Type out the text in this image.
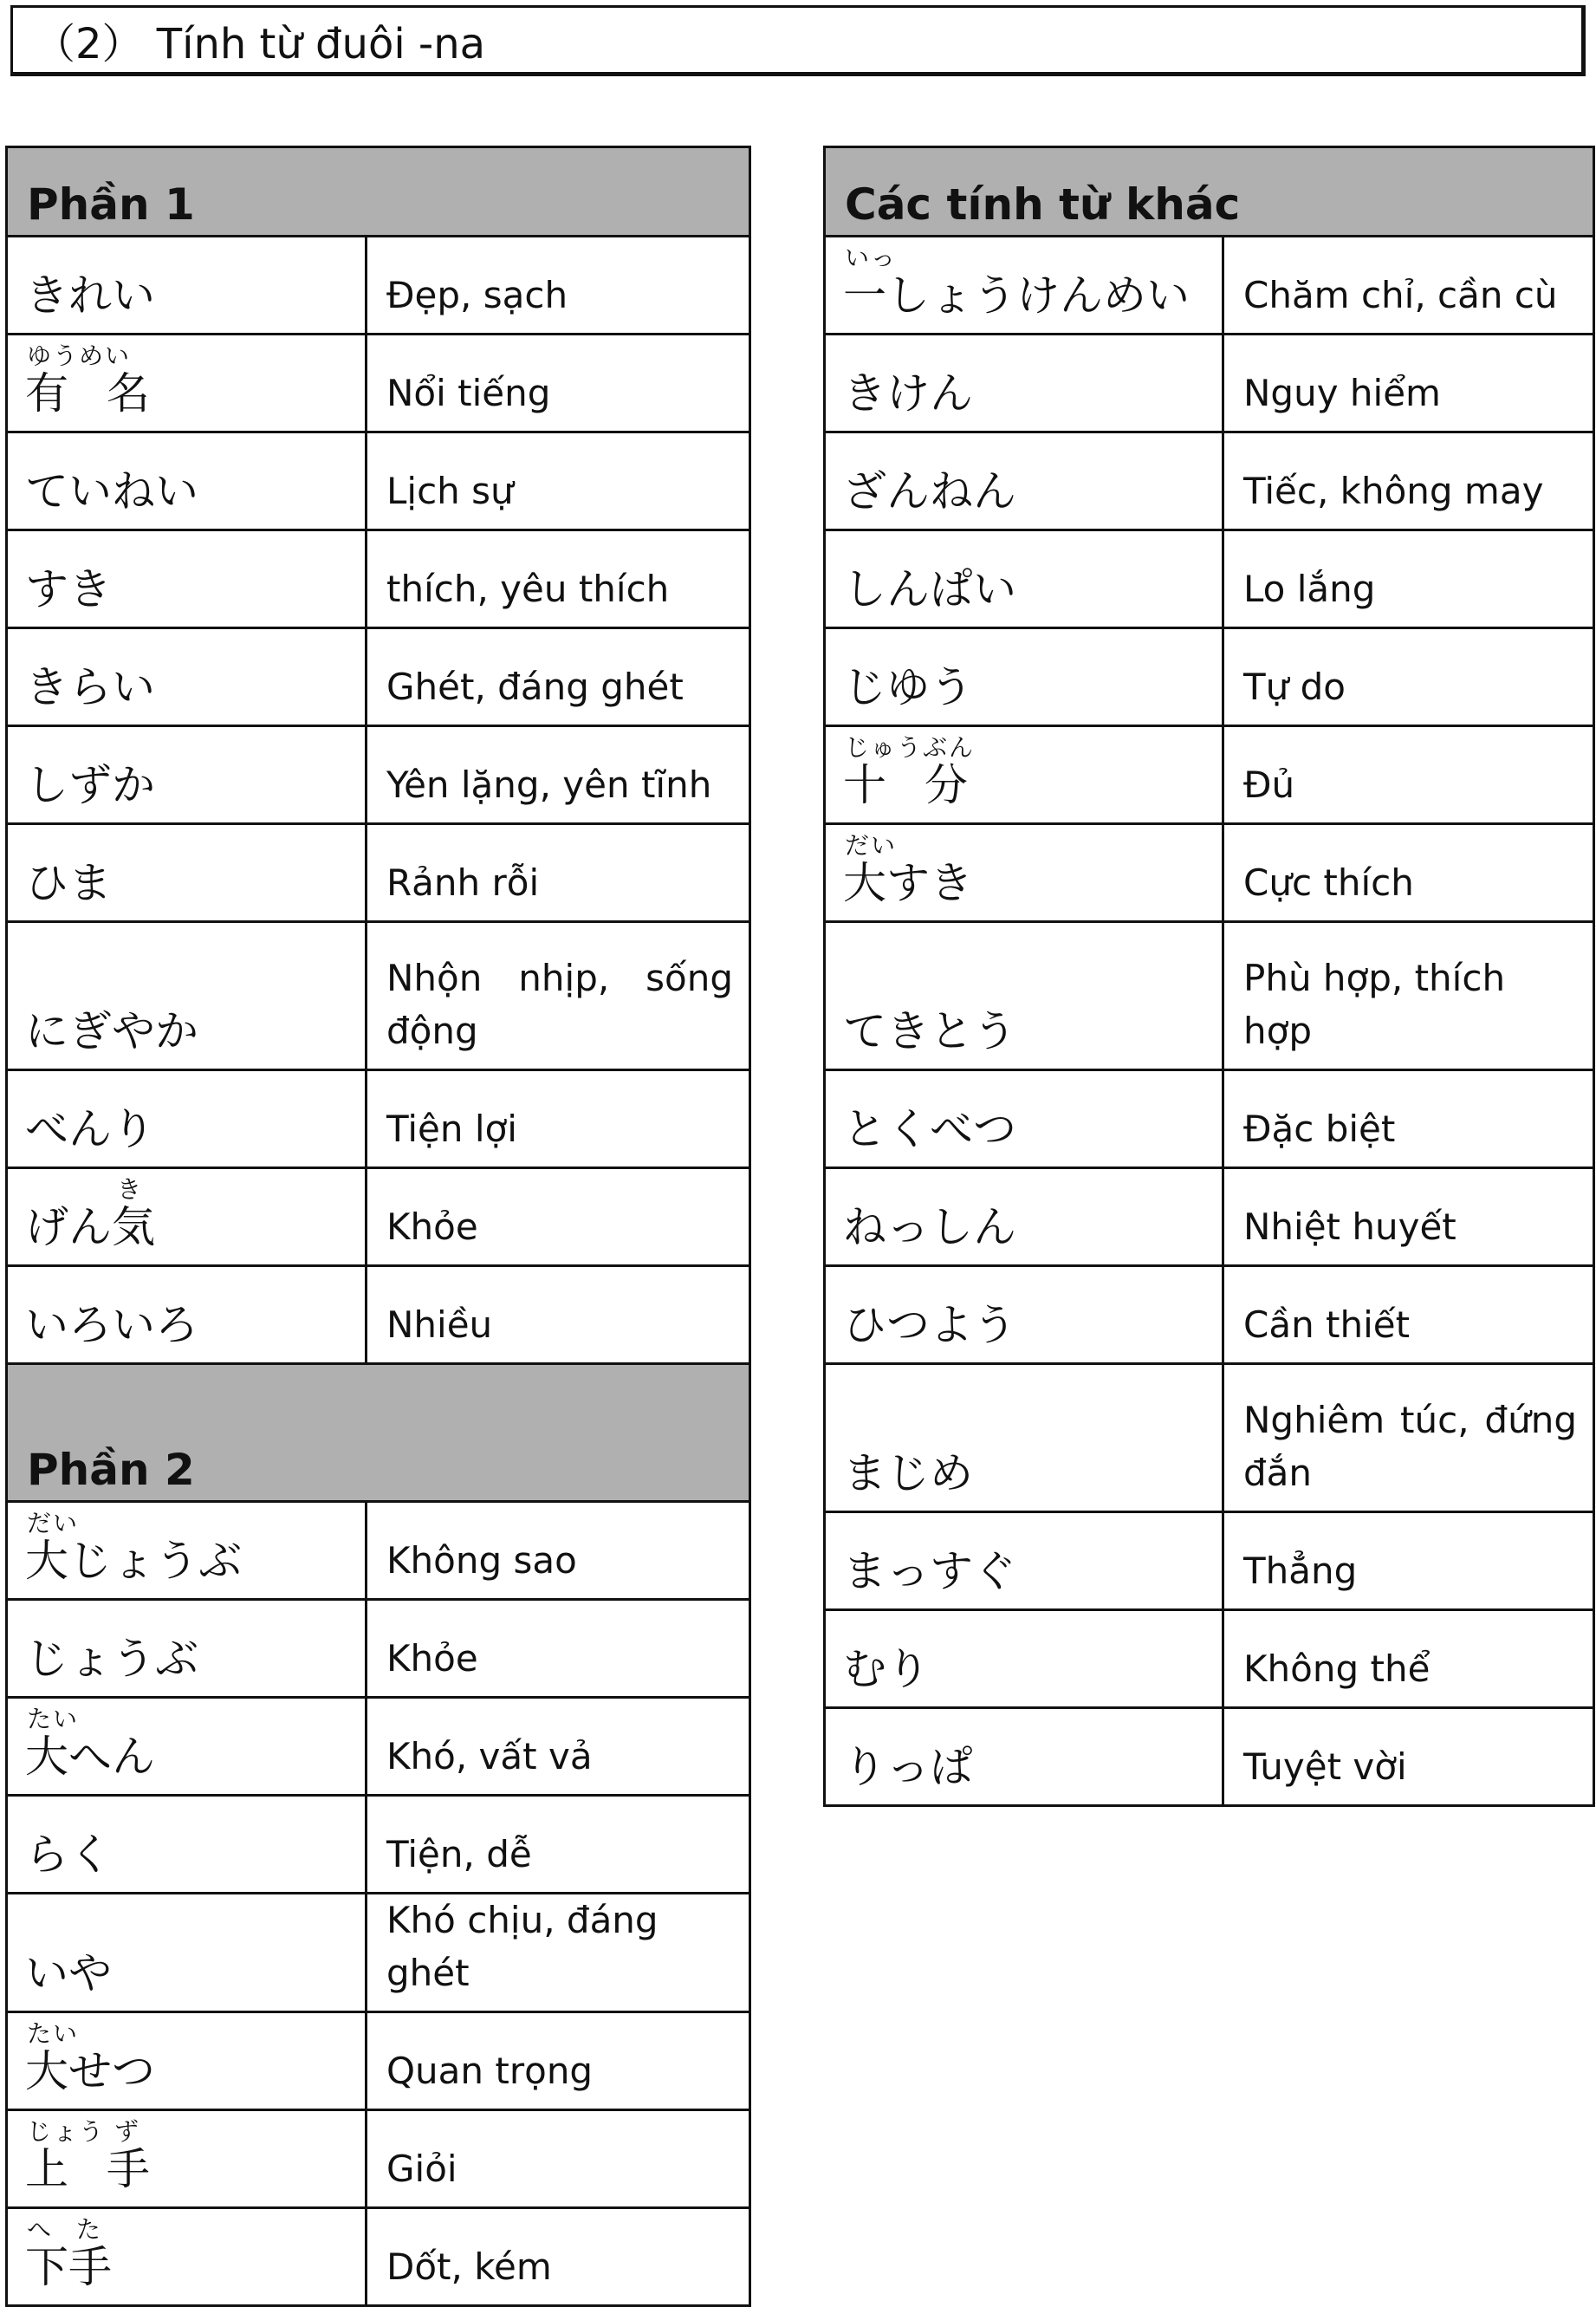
（2） Tính từ đuôi -na
Phần 1	
きれい	Đẹp, sạch

ゆうめい
有 名	Nổi tiếng
ていねい	Lịch sự
すき	thích, yêu thích
きらい	Ghét, đáng ghét
しずか	Yên lặng, yên tĩnh
ひま	Rảnh rỗi
にぎやか	Nhộn nhịp, sống động
べんり	Tiện lợi

き
げん気	Khỏe
いろいろ	Nhiều
Phần 2	

だい
大じょうぶ	Không sao
じょうぶ	Khỏe

たい
大へん	Khó, vất vả
らく	Tiện, dễ
いや	Khó chịu, đáng ghét

たい
大せつ	Quan trọng

じょう ず
上 手	Giỏi

へ た
下手	Dốt, kém
Các tính từ khác	

いっ
一しょうけんめい	Chăm chỉ, cần cù
きけん	Nguy hiểm
ざんねん	Tiếc, không may
しんぱい	Lo lắng
じゆう	Tự do

じゅうぶん
十 分	Đủ

だい
大すき	Cực thích
てきとう	Phù hợp, thích hợp
とくべつ	Đặc biệt
ねっしん	Nhiệt huyết
ひつよう	Cần thiết
まじめ	Nghiêm túc, đứng đắn
まっすぐ	Thẳng
むり	Không thể
りっぱ	Tuyệt vời
